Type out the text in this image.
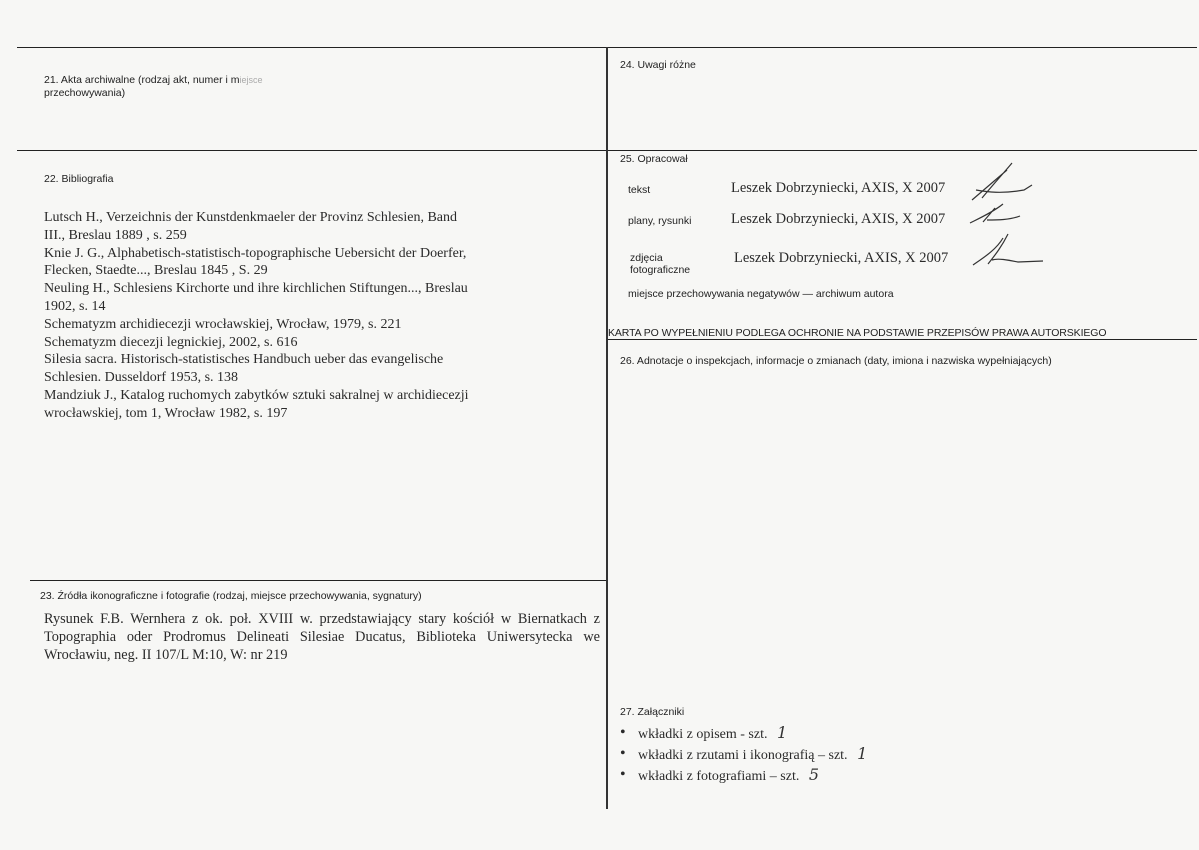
21. Akta archiwalne (rodzaj akt, numer i miejsce
przechowywania)
24. Uwagi różne
22. Bibliografia
Lutsch H., Verzeichnis der Kunstdenkmaeler der Provinz Schlesien, Band
III., Breslau 1889 , s. 259
Knie J. G., Alphabetisch-statistisch-topographische Uebersicht der Doerfer,
Flecken, Staedte..., Breslau 1845 , S. 29
Neuling H., Schlesiens Kirchorte und ihre kirchlichen Stiftungen..., Breslau
1902, s. 14
Schematyzm archidiecezji wrocławskiej, Wrocław, 1979, s. 221
Schematyzm diecezji legnickiej, 2002, s. 616
Silesia sacra. Historisch-statistisches Handbuch ueber das evangelische
Schlesien. Dusseldorf 1953, s. 138
Mandziuk J., Katalog ruchomych zabytków sztuki sakralnej w archidiecezji
wrocławskiej, tom 1, Wrocław 1982, s. 197
23. Źródła ikonograficzne i fotografie (rodzaj, miejsce przechowywania, sygnatury)
Rysunek F.B. Wernhera z ok. poł. XVIII w. przedstawiający stary kościół w Biernatkach z Topographia oder Prodromus Delineati Silesiae Ducatus, Biblioteka Uniwersytecka we Wrocławiu, neg. II 107/L M:10, W: nr 219
25. Opracował
tekst	Leszek Dobrzyniecki, AXIS, X 2007
plany, rysunki	Leszek Dobrzyniecki, AXIS, X 2007
zdjęcia
fotograficzne
Leszek Dobrzyniecki, AXIS, X 2007
miejsce przechowywania negatywów — archiwum autora
KARTA PO WYPEŁNIENIU PODLEGA OCHRONIE NA PODSTAWIE PRZEPISÓW PRAWA AUTORSKIEGO
26. Adnotacje o inspekcjach, informacje o zmianach (daty, imiona i nazwiska wypełniających)
27. Załączniki
• wkładki z opisem - szt. 1
• wkładki z rzutami i ikonografią – szt. 1
• wkładki z fotografiami – szt. 5
